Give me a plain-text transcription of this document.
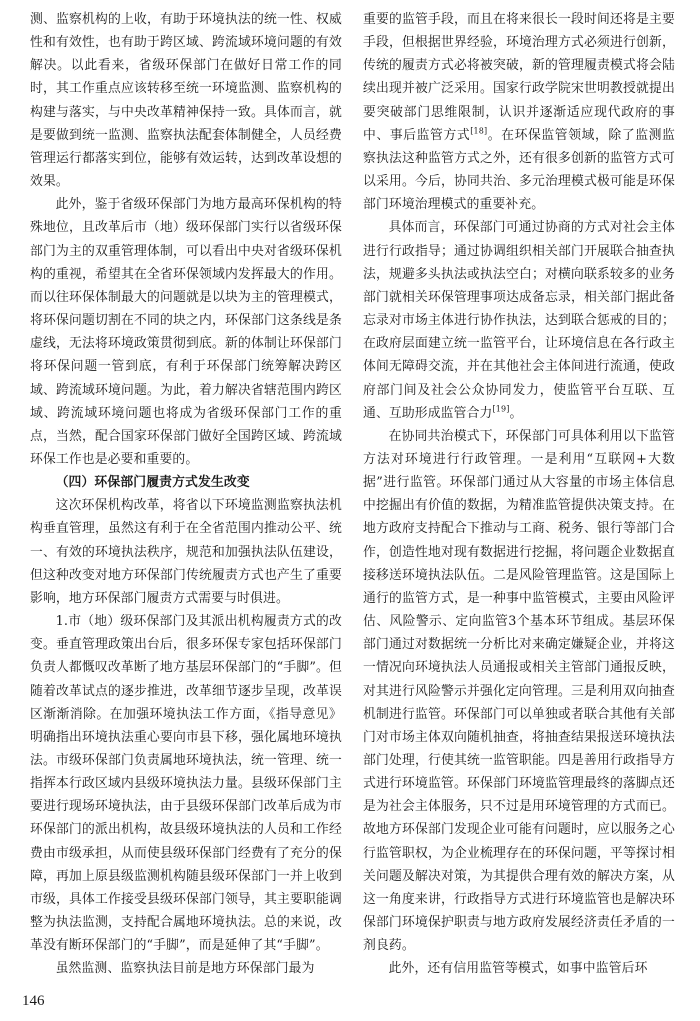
测、监察机构的上收，有助于环境执法的统一性、权威性和有效性，也有助于跨区域、跨流域环境问题的有效解决。以此看来，省级环保部门在做好日常工作的同时，其工作重点应该转移至统一环境监测、监察机构的构建与落实，与中央改革精神保持一致。具体而言，就是要做到统一监测、监察执法配套体制健全，人员经费管理运行都落实到位，能够有效运转，达到改革设想的效果。

此外，鉴于省级环保部门为地方最高环保机构的特殊地位，且改革后市（地）级环保部门实行以省级环保部门为主的双重管理体制，可以看出中央对省级环保机构的重视，希望其在全省环保领域内发挥最大的作用。而以往环保体制最大的问题就是以块为主的管理模式，将环保问题切割在不同的块之内，环保部门这条线是条虚线，无法将环境政策贯彻到底。新的体制让环保部门将环保问题一管到底，有利于环保部门统筹解决跨区域、跨流域环境问题。为此，着力解决省辖范围内跨区域、跨流域环境问题也将成为省级环保部门工作的重点，当然，配合国家环保部门做好全国跨区域、跨流域环保工作也是必要和重要的。

（四）环保部门履责方式发生改变

这次环保机构改革，将省以下环境监测监察执法机构垂直管理，虽然这有利于在全省范围内推动公平、统一、有效的环境执法秩序，规范和加强执法队伍建设，但这种改变对地方环保部门传统履责方式也产生了重要影响，地方环保部门履责方式需要与时俱进。

1.市（地）级环保部门及其派出机构履责方式的改变。垂直管理政策出台后，很多环保专家包括环保部门负责人都慨叹改革断了地方基层环保部门的“手脚”。但随着改革试点的逐步推进，改革细节逐步呈现，改革误区渐渐消除。在加强环境执法工作方面，《指导意见》明确指出环境执法重心要向市县下移，强化属地环境执法。市级环保部门负责属地环境执法，统一管理、统一指挥本行政区域内县级环境执法力量。县级环保部门主要进行现场环境执法，由于县级环保部门改革后成为市环保部门的派出机构，故县级环境执法的人员和工作经费由市级承担，从而使县级环保部门经费有了充分的保障，再加上原县级监测机构随县级环保部门一并上收到市级，具体工作接受县级环保部门领导，其主要职能调整为执法监测，支持配合属地环境执法。总的来说，改革没有断环保部门的“手脚”，而是延伸了其“手脚”。

虽然监测、监察执法目前是地方环保部门最为

重要的监管手段，而且在将来很长一段时间还将是主要手段，但根据世界经验，环境治理方式必须进行创新，传统的履责方式必将被突破，新的管理履责模式将会陆续出现并被广泛采用。国家行政学院宋世明教授就提出要突破部门思维限制，认识并逐渐适应现代政府的事中、事后监管方式[18]。在环保监管领域，除了监测监察执法这种监管方式之外，还有很多创新的监管方式可以采用。今后，协同共治、多元治理模式极可能是环保部门环境治理模式的重要补充。

具体而言，环保部门可通过协商的方式对社会主体进行行政指导；通过协调组织相关部门开展联合抽查执法，规避多头执法或执法空白；对横向联系较多的业务部门就相关环保管理事项达成备忘录，相关部门据此备忘录对市场主体进行协作执法，达到联合惩戒的目的；在政府层面建立统一监管平台，让环境信息在各行政主体间无障碍交流，并在其他社会主体间进行流通，使政府部门间及社会公众协同发力，使监管平台互联、互通、互助形成监管合力[19]。

在协同共治模式下，环保部门可具体利用以下监管方法对环境进行行政管理。一是利用“互联网+大数据”进行监管。环保部门通过从大容量的市场主体信息中挖掘出有价值的数据，为精准监管提供决策支持。在地方政府支持配合下推动与工商、税务、银行等部门合作，创造性地对现有数据进行挖掘，将问题企业数据直接移送环境执法队伍。二是风险管理监管。这是国际上通行的监管方式，是一种事中监管模式，主要由风险评估、风险警示、定向监管3个基本环节组成。基层环保部门通过对数据统一分析比对来确定嫌疑企业，并将这一情况向环境执法人员通报或相关主管部门通报反映，对其进行风险警示并强化定向管理。三是利用双向抽查机制进行监管。环保部门可以单独或者联合其他有关部门对市场主体双向随机抽查，将抽查结果报送环境执法部门处理，行使其统一监管职能。四是善用行政指导方式进行环境监管。环保部门环境监管理最终的落脚点还是为社会主体服务，只不过是用环境管理的方式而已。故地方环保部门发现企业可能有问题时，应以服务之心行监管职权，为企业梳理存在的环保问题，平等探讨相关问题及解决对策，为其提供合理有效的解决方案，从这一角度来讲，行政指导方式进行环境监管也是解决环保部门环境保护职责与地方政府发展经济责任矛盾的一剂良药。

此外，还有信用监管等模式，如事中监管后环

146
